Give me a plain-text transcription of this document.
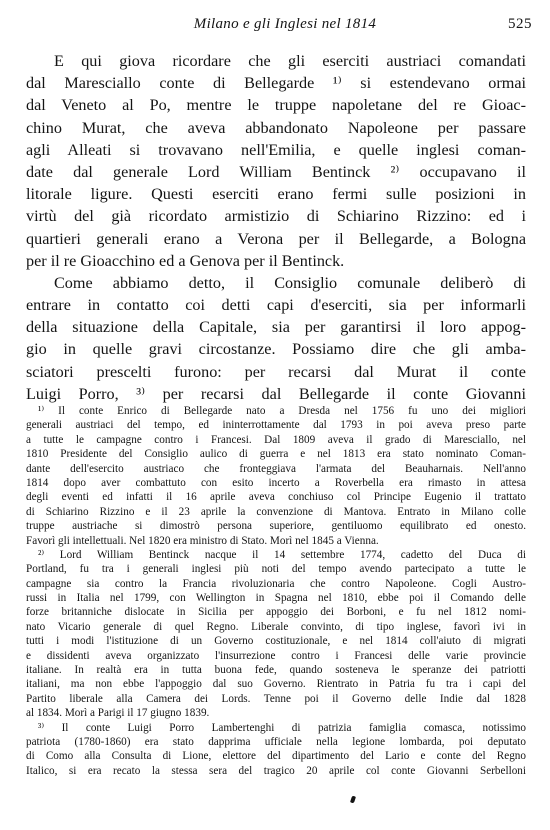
Milano e gli Inglesi nel 1814	525
E qui giova ricordare che gli eserciti austriaci comandati
dal Maresciallo conte di Bellegarde ¹⁾ si estendevano ormai
dal Veneto al Po, mentre le truppe napoletane del re Gioac-
chino Murat, che aveva abbandonato Napoleone per passare
agli Alleati si trovavano nell'Emilia, e quelle inglesi coman-
date dal generale Lord William Bentinck ²⁾ occupavano il
litorale ligure. Questi eserciti erano fermi sulle posizioni in
virtù del già ricordato armistizio di Schiarino Rizzino: ed i
quartieri generali erano a Verona per il Bellegarde, a Bologna
per il re Gioacchino ed a Genova per il Bentinck.
Come abbiamo detto, il Consiglio comunale deliberò di
entrare in contatto coi detti capi d'eserciti, sia per informarli
della situazione della Capitale, sia per garantirsi il loro appog-
gio in quelle gravi circostanze. Possiamo dire che gli amba-
sciatori prescelti furono: per recarsi dal Murat il conte
Luigi Porro, ³⁾ per recarsi dal Bellegarde il conte Giovanni
¹⁾ Il conte Enrico di Bellegarde nato a Dresda nel 1756 fu uno dei migliori
generali austriaci del tempo, ed ininterrottamente dal 1793 in poi aveva preso parte
a tutte le campagne contro i Francesi. Dal 1809 aveva il grado di Maresciallo, nel
1810 Presidente del Consiglio aulico di guerra e nel 1813 era stato nominato Coman-
dante dell'esercito austriaco che fronteggiava l'armata del Beauharnais. Nell'anno
1814 dopo aver combattuto con esito incerto a Roverbella era rimasto in attesa
degli eventi ed infatti il 16 aprile aveva conchiuso col Principe Eugenio il trattato
di Schiarino Rizzino e il 23 aprile la convenzione di Mantova. Entrato in Milano colle
truppe austriache si dimostrò persona superiore, gentiluomo equilibrato ed onesto.
Favorì gli intellettuali. Nel 1820 era ministro di Stato. Morì nel 1845 a Vienna.
²⁾ Lord William Bentinck nacque il 14 settembre 1774, cadetto del Duca di
Portland, fu tra i generali inglesi più noti del tempo avendo partecipato a tutte le
campagne sia contro la Francia rivoluzionaria che contro Napoleone. Cogli Austro-
russi in Italia nel 1799, con Wellington in Spagna nel 1810, ebbe poi il Comando delle
forze britanniche dislocate in Sicilia per appoggio dei Borboni, e fu nel 1812 nomi-
nato Vicario generale di quel Regno. Liberale convinto, di tipo inglese, favorì ivi in
tutti i modi l'istituzione di un Governo costituzionale, e nel 1814 coll'aiuto di migrati
e dissidenti aveva organizzato l'insurrezione contro i Francesi delle varie provincie
italiane. In realtà era in tutta buona fede, quando sosteneva le speranze dei patriotti
italiani, ma non ebbe l'appoggio dal suo Governo. Rientrato in Patria fu tra i capi del
Partito liberale alla Camera dei Lords. Tenne poi il Governo delle Indie dal 1828
al 1834. Morì a Parigi il 17 giugno 1839.
³⁾ Il conte Luigi Porro Lambertenghi di patrizia famiglia comasca, notissimo
patriota (1780-1860) era stato dapprima ufficiale nella legione lombarda, poi deputato
di Como alla Consulta di Lione, elettore del dipartimento del Lario e conte del Regno
Italico, si era recato la stessa sera del tragico 20 aprile col conte Giovanni Serbelloni
